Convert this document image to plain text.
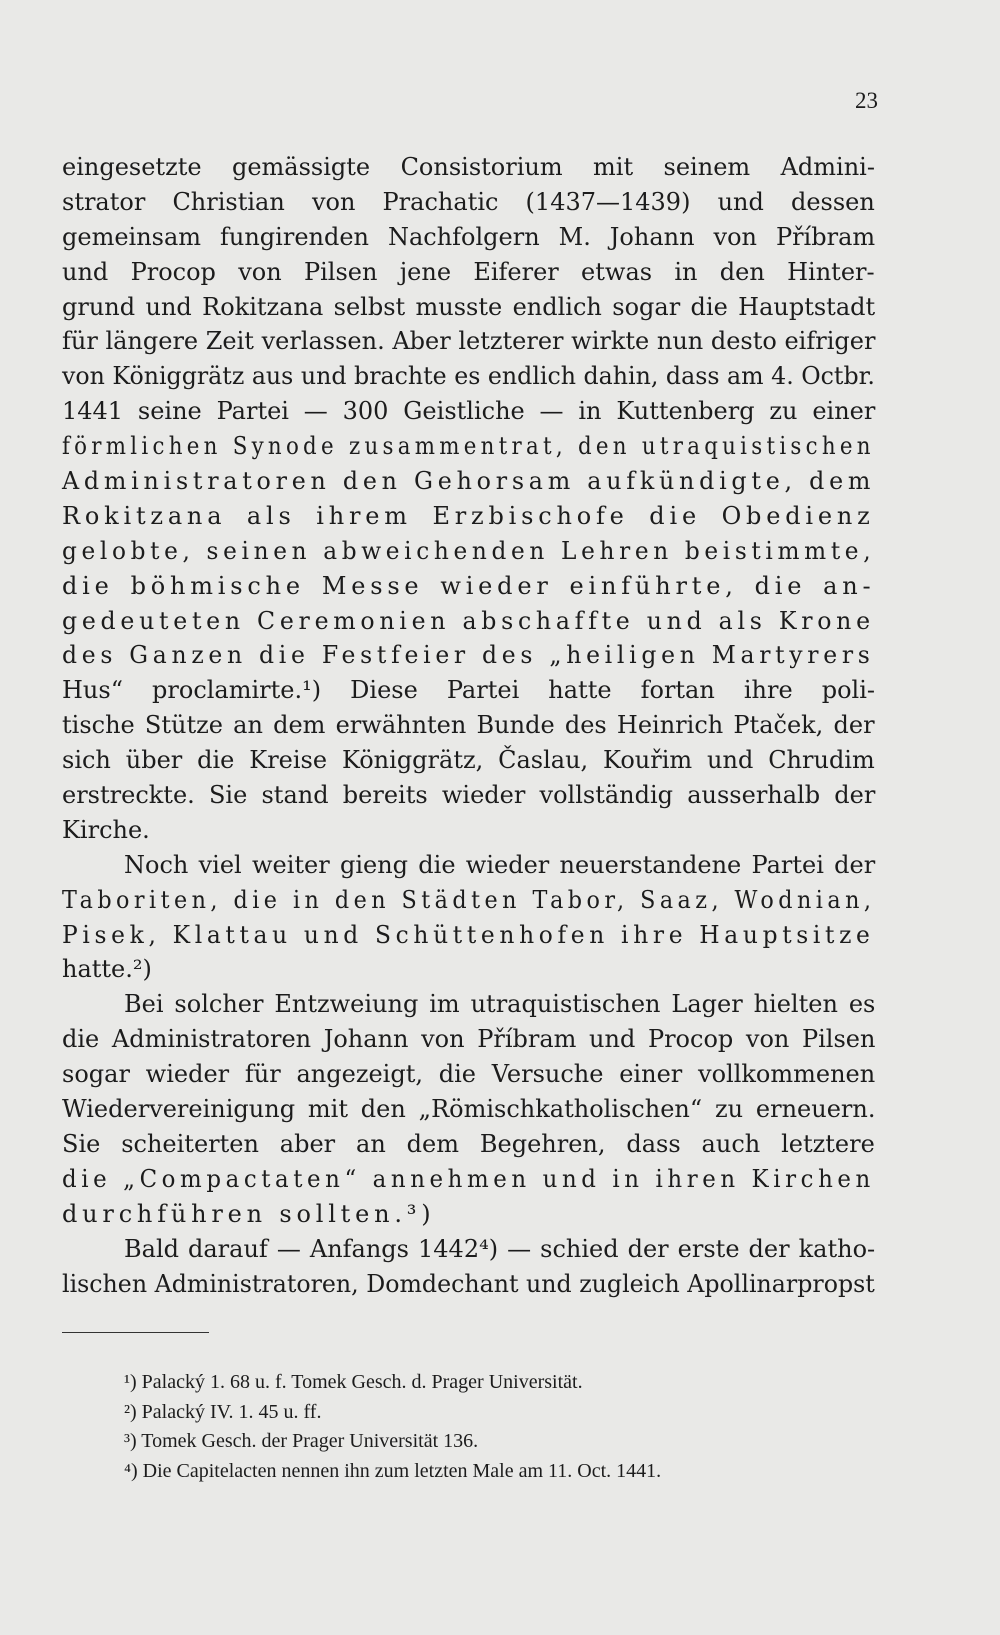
23
eingesetzte gemässigte Consistorium mit seinem Admini-
strator Christian von Prachatic (1437—1439) und dessen
gemeinsam fungirenden Nachfolgern M. Johann von Příbram
und Procop von Pilsen jene Eiferer etwas in den Hinter-
grund und Rokitzana selbst musste endlich sogar die Hauptstadt
für längere Zeit verlassen. Aber letzterer wirkte nun desto eifriger
von Königgrätz aus und brachte es endlich dahin, dass am 4. Octbr.
1441 seine Partei — 300 Geistliche — in Kuttenberg zu einer
förmlichen Synode zusammentrat, den utraquistischen
Administratoren den Gehorsam aufkündigte, dem
Rokitzana als ihrem Erzbischofe die Obedienz
gelobte, seinen abweichenden Lehren beistimmte,
die böhmische Messe wieder einführte, die an-
gedeuteten Ceremonien abschaffte und als Krone
des Ganzen die Festfeier des „heiligen Martyrers
Hus“ proclamirte.¹) Diese Partei hatte fortan ihre poli-
tische Stütze an dem erwähnten Bunde des Heinrich Ptaček, der
sich über die Kreise Königgrätz, Časlau, Kouřim und Chrudim
erstreckte. Sie stand bereits wieder vollständig ausserhalb der
Kirche.
Noch viel weiter gieng die wieder neuerstandene Partei der
Taboriten, die in den Städten Tabor, Saaz, Wodnian,
Pisek, Klattau und Schüttenhofen ihre Hauptsitze
hatte.²)
Bei solcher Entzweiung im utraquistischen Lager hielten es
die Administratoren Johann von Příbram und Procop von Pilsen
sogar wieder für angezeigt, die Versuche einer vollkommenen
Wiedervereinigung mit den „Römischkatholischen“ zu erneuern.
Sie scheiterten aber an dem Begehren, dass auch letztere
die „Compactaten“ annehmen und in ihren Kirchen
durchführen sollten.³)
Bald darauf — Anfangs 1442⁴) — schied der erste der katho-
lischen Administratoren, Domdechant und zugleich Apollinarpropst
¹) Palacký 1. 68 u. f. Tomek Gesch. d. Prager Universität.
²) Palacký IV. 1. 45 u. ff.
³) Tomek Gesch. der Prager Universität 136.
⁴) Die Capitelacten nennen ihn zum letzten Male am 11. Oct. 1441.
